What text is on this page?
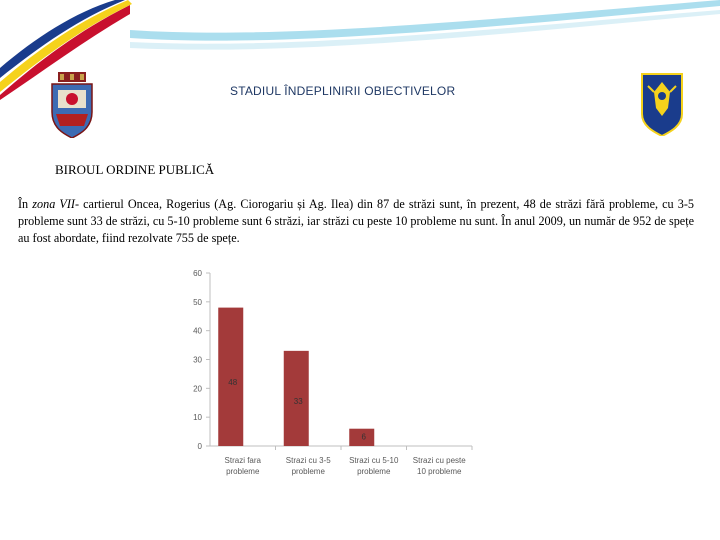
STADIUL ÎNDEPLINIRII OBIECTIVELOR
BIROUL ORDINE PUBLICĂ
În zona VII- cartierul Oncea, Rogerius (Ag. Ciorogariu și Ag. Ilea) din 87 de străzi sunt, în prezent, 48 de străzi fără probleme, cu 3-5 probleme sunt 33 de străzi, cu 5-10 probleme sunt 6 străzi, iar străzi cu peste 10 probleme nu sunt. În anul 2009, un număr de 952 de spețe au fost abordate, fiind rezolvate 755 de spețe.
0
10
20
30
40
50
60
48
Strazi fara
probleme
33
Strazi cu 3-5
probleme
6
Strazi cu 5-10
probleme
Strazi cu peste
10 probleme
